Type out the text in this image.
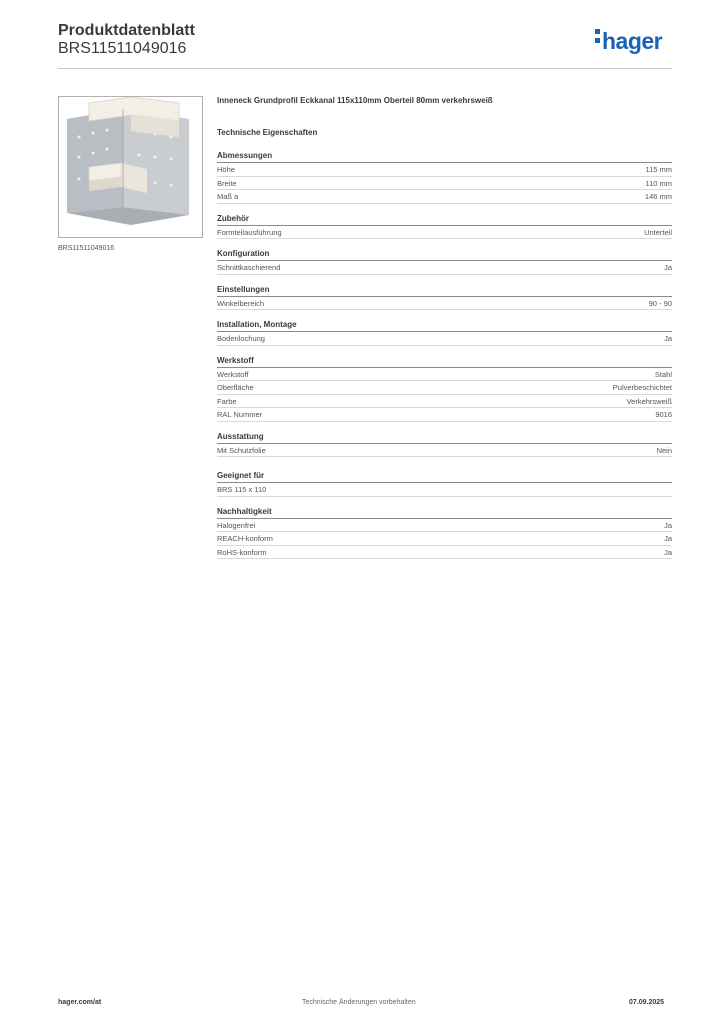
Produktdatenblatt
BRS11511049016	hager
BRS11511049016
Inneneck Grundprofil Eckkanal 115x110mm Oberteil 80mm verkehrsweiß
Technische Eigenschaften
Abmessungen
Höhe	115 mm
Breite	110 mm
Maß a	146 mm
Zubehör
Formteilausführung	Unterteil
Konfiguration
Schnittkaschierend	Ja
Einstellungen
Winkelbereich	90 - 90
Installation, Montage
Bodenlochung	Ja
Werkstoff
Werkstoff	Stahl
Oberfläche	Pulverbeschichtet
Farbe	Verkehrsweiß
RAL Nummer	9016
Ausstattung
Mit Schutzfolie	Nein
Geeignet für
BRS 115 x 110
Nachhaltigkeit
Halogenfrei	Ja
REACH-konform	Ja
RoHS-konform	Ja
hager.com/at	Technische Änderungen vorbehalten	07.09.2025
